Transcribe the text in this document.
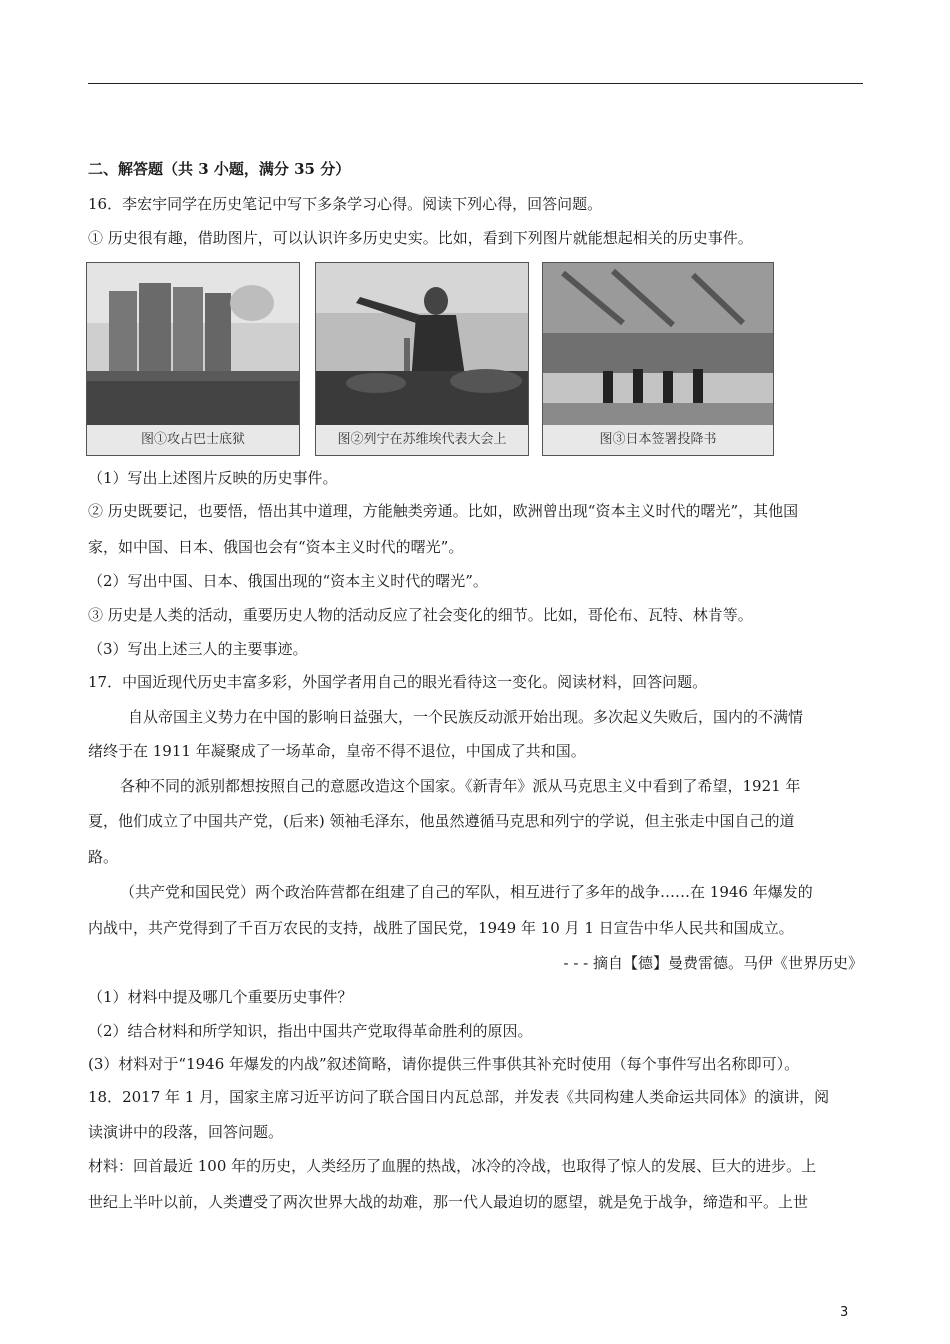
二、解答题（共 3 小题，满分 35 分）
16．李宏宇同学在历史笔记中写下多条学习心得。阅读下列心得，回答问题。
① 历史很有趣，借助图片，可以认识许多历史史实。比如，看到下列图片就能想起相关的历史事件。
图①攻占巴士底狱	图②列宁在苏维埃代表大会上	图③日本签署投降书
（1）写出上述图片反映的历史事件。
② 历史既要记，也要悟，悟出其中道理，方能触类旁通。比如，欧洲曾出现“资本主义时代的曙光”，其他国
家，如中国、日本、俄国也会有“资本主义时代的曙光”。
（2）写出中国、日本、俄国出现的“资本主义时代的曙光”。
③ 历史是人类的活动，重要历史人物的活动反应了社会变化的细节。比如，哥伦布、瓦特、林肯等。
（3）写出上述三人的主要事迹。
17．中国近现代历史丰富多彩，外国学者用自己的眼光看待这一变化。阅读材料，回答问题。
自从帝国主义势力在中国的影响日益强大，一个民族反动派开始出现。多次起义失败后，国内的不满情
绪终于在 1911 年凝聚成了一场革命，皇帝不得不退位，中国成了共和国。
各种不同的派别都想按照自己的意愿改造这个国家。《新青年》派从马克思主义中看到了希望，1921 年
夏，他们成立了中国共产党，(后来) 领袖毛泽东，他虽然遵循马克思和列宁的学说，但主张走中国自己的道
路。
（共产党和国民党）两个政治阵营都在组建了自己的军队，相互进行了多年的战争……在 1946 年爆发的
内战中，共产党得到了千百万农民的支持，战胜了国民党，1949 年 10 月 1 日宣告中华人民共和国成立。
- - - 摘自【德】曼费雷德。马伊《世界历史》
（1）材料中提及哪几个重要历史事件？
（2）结合材料和所学知识，指出中国共产党取得革命胜利的原因。
(3）材料对于“1946 年爆发的内战”叙述简略，请你提供三件事供其补充时使用（每个事件写出名称即可）。
18．2017 年 1 月，国家主席习近平访问了联合国日内瓦总部，并发表《共同构建人类命运共同体》的演讲，阅
读演讲中的段落，回答问题。
材料：回首最近 100 年的历史，人类经历了血腥的热战，冰冷的冷战，也取得了惊人的发展、巨大的进步。上
世纪上半叶以前，人类遭受了两次世界大战的劫难，那一代人最迫切的愿望，就是免于战争，缔造和平。上世
3
